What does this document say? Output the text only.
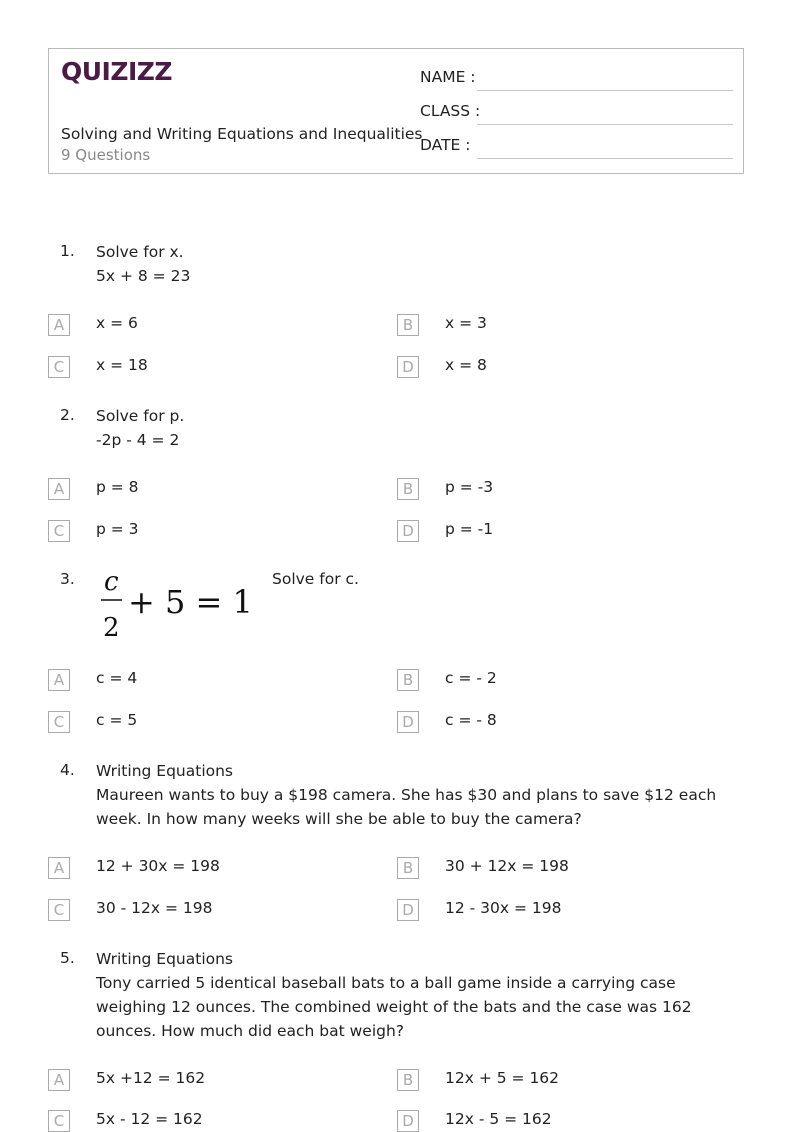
QUIZIZZ
Solving and Writing Equations and Inequalities
9 Questions
NAME :
CLASS :
DATE :
1. Solve for x.
5x + 8 = 23
A	x = 6	B	x = 3
C	x = 18	D	x = 8
2. Solve for p.
-2p - 4 = 2
A	p = 8	B	p = -3
C	p = 3	D	p = -1
3. c
2
+ 5 = 1
Solve for c.
A	c = 4	B	c = - 2
C	c = 5	D	c = - 8
4. Writing Equations
Maureen wants to buy a $198 camera. She has $30 and plans to save $12 each week. In how many weeks will she be able to buy the camera?
A	12 + 30x = 198	B	30 + 12x = 198
C	30 - 12x = 198	D	12 - 30x = 198
5. Writing Equations
Tony carried 5 identical baseball bats to a ball game inside a carrying case weighing 12 ounces. The combined weight of the bats and the case was 162 ounces. How much did each bat weigh?
A	5x +12 = 162	B	12x + 5 = 162
C	5x - 12 = 162	D	12x - 5 = 162
